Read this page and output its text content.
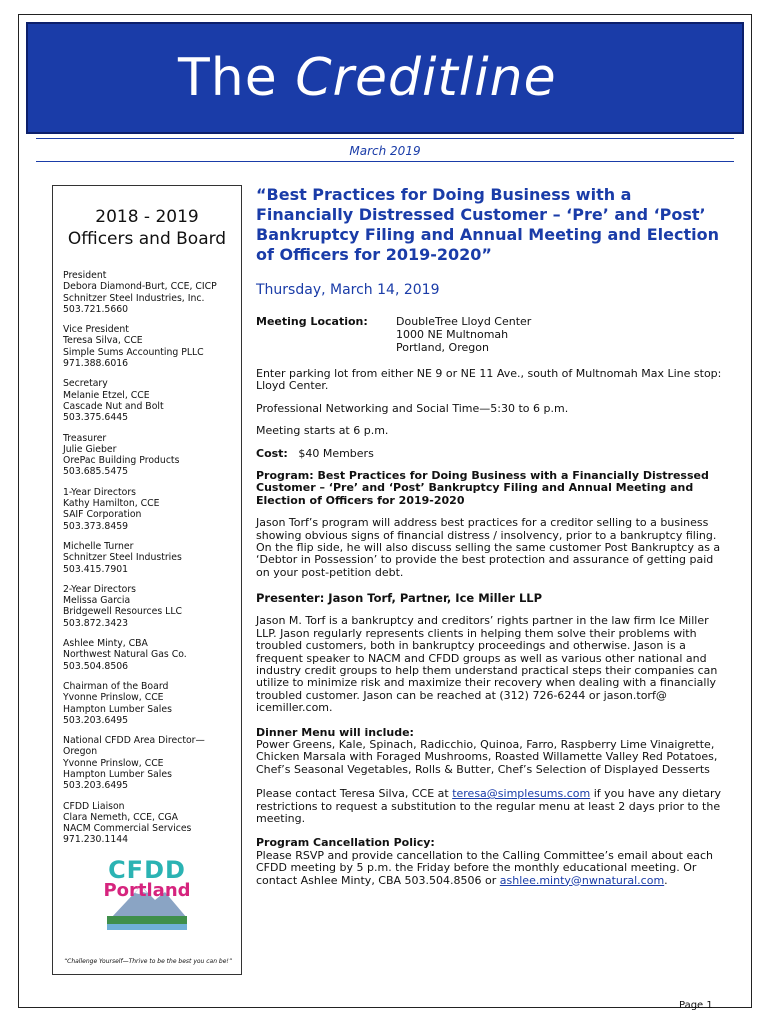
The Creditline
March 2019
2018 - 2019
Officers and Board
President
Debora Diamond-Burt, CCE, CICP
Schnitzer Steel Industries, Inc.
503.721.5660
Vice President
Teresa Silva, CCE
Simple Sums Accounting PLLC
971.388.6016
Secretary
Melanie Etzel, CCE
Cascade Nut and Bolt
503.375.6445
Treasurer
Julie Gieber
OrePac Building Products
503.685.5475
1-Year Directors
Kathy Hamilton, CCE
SAIF Corporation
503.373.8459
Michelle Turner
Schnitzer Steel Industries
503.415.7901
2-Year Directors
Melissa Garcia
Bridgewell Resources LLC
503.872.3423
Ashlee Minty, CBA
Northwest Natural Gas Co.
503.504.8506
Chairman of the Board
Yvonne Prinslow, CCE
Hampton Lumber Sales
503.203.6495
National CFDD Area Director—
Oregon
Yvonne Prinslow, CCE
Hampton Lumber Sales
503.203.6495
CFDD Liaison
Clara Nemeth, CCE, CGA
NACM Commercial Services
971.230.1144
CFDD
Portland
“Challenge Yourself—Thrive to be the best you can be!”
“Best Practices for Doing Business with a Financially Distressed Customer – ‘Pre’ and ‘Post’ Bankruptcy Filing and Annual Meeting and Election of Officers for 2019-2020”
Thursday, March 14, 2019
Meeting Location:	DoubleTree Lloyd Center
1000 NE Multnomah
Portland, Oregon
Enter parking lot from either NE 9 or NE 11 Ave., south of Multnomah Max Line stop: Lloyd Center.
Professional Networking and Social Time—5:30 to 6 p.m.
Meeting starts at 6 p.m.
Cost: $40 Members
Program: Best Practices for Doing Business with a Financially Distressed Customer – ‘Pre’ and ‘Post’ Bankruptcy Filing and Annual Meeting and Election of Officers for 2019-2020
Jason Torf’s program will address best practices for a creditor selling to a business showing obvious signs of financial distress / insolvency, prior to a bankruptcy filing. On the flip side, he will also discuss selling the same customer Post Bankruptcy as a ‘Debtor in Possession’ to provide the best protection and assurance of getting paid on your post-petition debt.
Presenter: Jason Torf, Partner, Ice Miller LLP
Jason M. Torf is a bankruptcy and creditors’ rights partner in the law firm Ice Miller LLP. Jason regularly represents clients in helping them solve their problems with troubled customers, both in bankruptcy proceedings and otherwise. Jason is a frequent speaker to NACM and CFDD groups as well as various other national and industry credit groups to help them understand practical steps their companies can utilize to minimize risk and maximize their recovery when dealing with a financially troubled customer. Jason can be reached at (312) 726-6244 or jason.torf@ icemiller.com.
Dinner Menu will include:
Power Greens, Kale, Spinach, Radicchio, Quinoa, Farro, Raspberry Lime Vinaigrette, Chicken Marsala with Foraged Mushrooms, Roasted Willamette Valley Red Potatoes, Chef’s Seasonal Vegetables, Rolls & Butter, Chef’s Selection of Displayed Desserts
Please contact Teresa Silva, CCE at teresa@simplesums.com if you have any dietary restrictions to request a substitution to the regular menu at least 2 days prior to the meeting.
Program Cancellation Policy:
Please RSVP and provide cancellation to the Calling Committee’s email about each CFDD meeting by 5 p.m. the Friday before the monthly educational meeting. Or contact Ashlee Minty, CBA 503.504.8506 or ashlee.minty@nwnatural.com.
Page 1
